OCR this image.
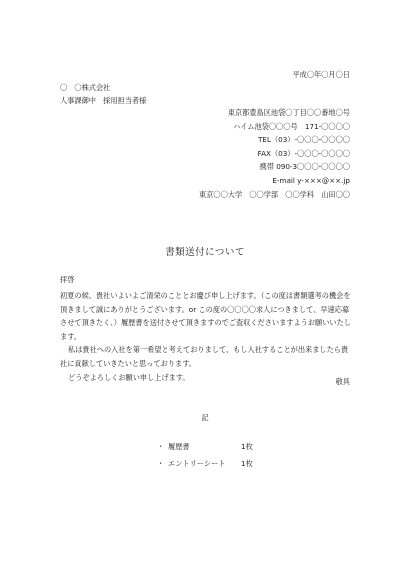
平成〇年〇月〇日
〇　〇株式会社
人事課御中　採用担当者様
東京都豊島区池袋〇丁目〇〇番地〇号
ハイム池袋〇〇〇号　171-〇〇〇〇
TEL（03）-〇〇〇-〇〇〇〇
FAX（03）-〇〇〇-〇〇〇〇
携帯 090-3〇〇〇-〇〇〇〇
E-mail y-×××@××.jp
東京〇〇大学　〇〇学部　〇〇学科　山田〇〇
書類送付について
拝啓
初夏の候、貴社いよいよご清栄のこととお慶び申し上げます。（この度は書類選考の機会を
頂きまして誠にありがとうございます。or この度の〇〇〇〇求人につきまして、早速応募
させて頂きたく、）履歴書を送付させて頂きますのでご査収くださいますようお願いいたし
ます。
私は貴社への入社を第一希望と考えておりまして、もし入社することが出来ましたら貴
社に貢献していきたいと思っております。
どうぞよろしくお願い申し上げます。	敬具
記
・ 履歴書	1枚
・ エントリーシート 1枚
